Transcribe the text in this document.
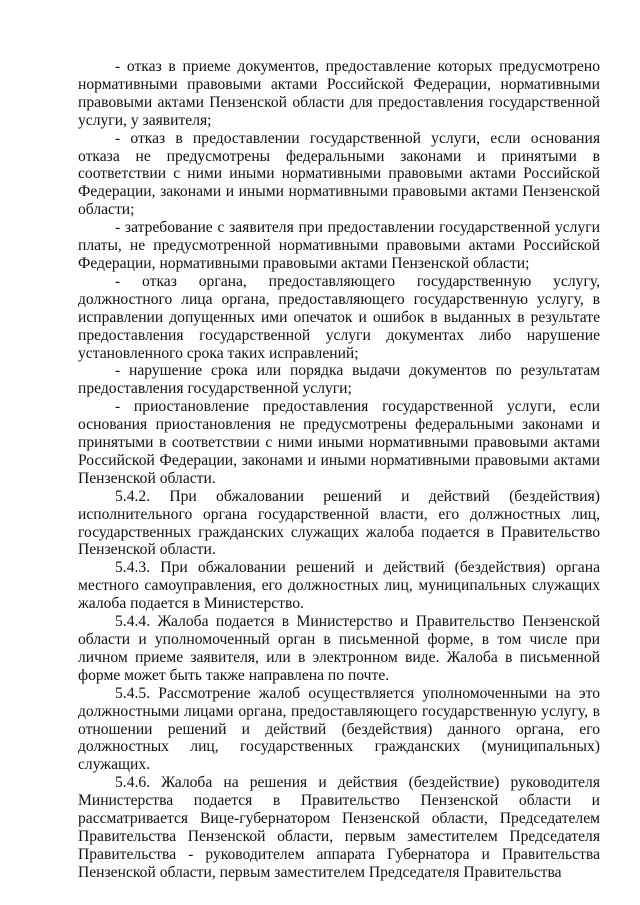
- отказ в приеме документов, предоставление которых предусмотрено нормативными правовыми актами Российской Федерации, нормативными правовыми актами Пензенской области для предоставления государственной услуги, у заявителя;

- отказ в предоставлении государственной услуги, если основания отказа не предусмотрены федеральными законами и принятыми в соответствии с ними иными нормативными правовыми актами Российской Федерации, законами и иными нормативными правовыми актами Пензенской области;

- затребование с заявителя при предоставлении государственной услуги платы, не предусмотренной нормативными правовыми актами Российской Федерации, нормативными правовыми актами Пензенской области;

- отказ органа, предоставляющего государственную услугу, должностного лица органа, предоставляющего государственную услугу, в исправлении допущенных ими опечаток и ошибок в выданных в результате предоставления государственной услуги документах либо нарушение установленного срока таких исправлений;

- нарушение срока или порядка выдачи документов по результатам предоставления государственной услуги;

- приостановление предоставления государственной услуги, если основания приостановления не предусмотрены федеральными законами и принятыми в соответствии с ними иными нормативными правовыми актами Российской Федерации, законами и иными нормативными правовыми актами Пензенской области.

5.4.2. При обжаловании решений и действий (бездействия) исполнительного органа государственной власти, его должностных лиц, государственных гражданских служащих жалоба подается в Правительство Пензенской области.

5.4.3. При обжаловании решений и действий (бездействия) органа местного самоуправления, его должностных лиц, муниципальных служащих жалоба подается в Министерство.

5.4.4. Жалоба подается в Министерство и Правительство Пензенской области и уполномоченный орган в письменной форме, в том числе при личном приеме заявителя, или в электронном виде. Жалоба в письменной форме может быть также направлена по почте.

5.4.5. Рассмотрение жалоб осуществляется уполномоченными на это должностными лицами органа, предоставляющего государственную услугу, в отношении решений и действий (бездействия) данного органа, его должностных лиц, государственных гражданских (муниципальных) служащих.

5.4.6. Жалоба на решения и действия (бездействие) руководителя Министерства подается в Правительство Пензенской области и рассматривается Вице-губернатором Пензенской области, Председателем Правительства Пензенской области, первым заместителем Председателя Правительства - руководителем аппарата Губернатора и Правительства Пензенской области, первым заместителем Председателя Правительства
